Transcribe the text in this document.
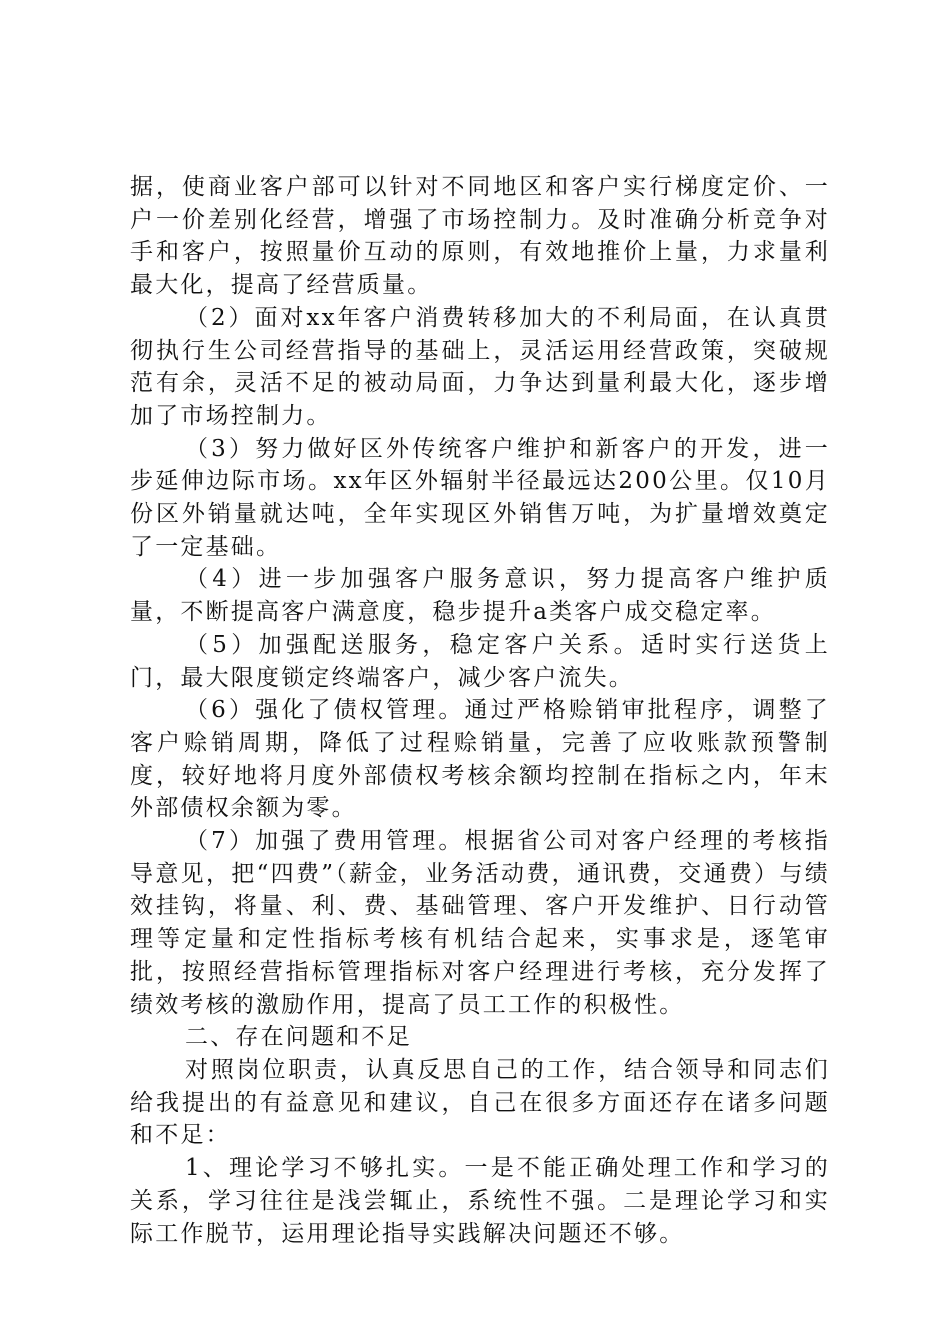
据，使商业客户部可以针对不同地区和客户实行梯度定价、一户一价差别化经营，增强了市场控制力。及时准确分析竞争对手和客户，按照量价互动的原则，有效地推价上量，力求量利最大化，提高了经营质量。

（2）面对xx年客户消费转移加大的不利局面，在认真贯彻执行生公司经营指导的基础上，灵活运用经营政策，突破规范有余，灵活不足的被动局面，力争达到量利最大化，逐步增加了市场控制力。

（3）努力做好区外传统客户维护和新客户的开发，进一步延伸边际市场。xx年区外辐射半径最远达200公里。仅10月份区外销量就达吨，全年实现区外销售万吨，为扩量增效奠定了一定基础。

（4）进一步加强客户服务意识，努力提高客户维护质量，不断提高客户满意度，稳步提升a类客户成交稳定率。

（5）加强配送服务，稳定客户关系。适时实行送货上门，最大限度锁定终端客户，减少客户流失。

（6）强化了债权管理。通过严格赊销审批程序，调整了客户赊销周期，降低了过程赊销量，完善了应收账款预警制度，较好地将月度外部债权考核余额均控制在指标之内，年末外部债权余额为零。

（7）加强了费用管理。根据省公司对客户经理的考核指导意见，把“四费”（薪金，业务活动费，通讯费，交通费）与绩效挂钩，将量、利、费、基础管理、客户开发维护、日行动管理等定量和定性指标考核有机结合起来，实事求是，逐笔审批，按照经营指标管理指标对客户经理进行考核，充分发挥了绩效考核的激励作用，提高了员工工作的积极性。

二、存在问题和不足

对照岗位职责，认真反思自己的工作，结合领导和同志们给我提出的有益意见和建议，自己在很多方面还存在诸多问题和不足：

1、理论学习不够扎实。一是不能正确处理工作和学习的关系，学习往往是浅尝辄止，系统性不强。二是理论学习和实际工作脱节，运用理论指导实践解决问题还不够。
